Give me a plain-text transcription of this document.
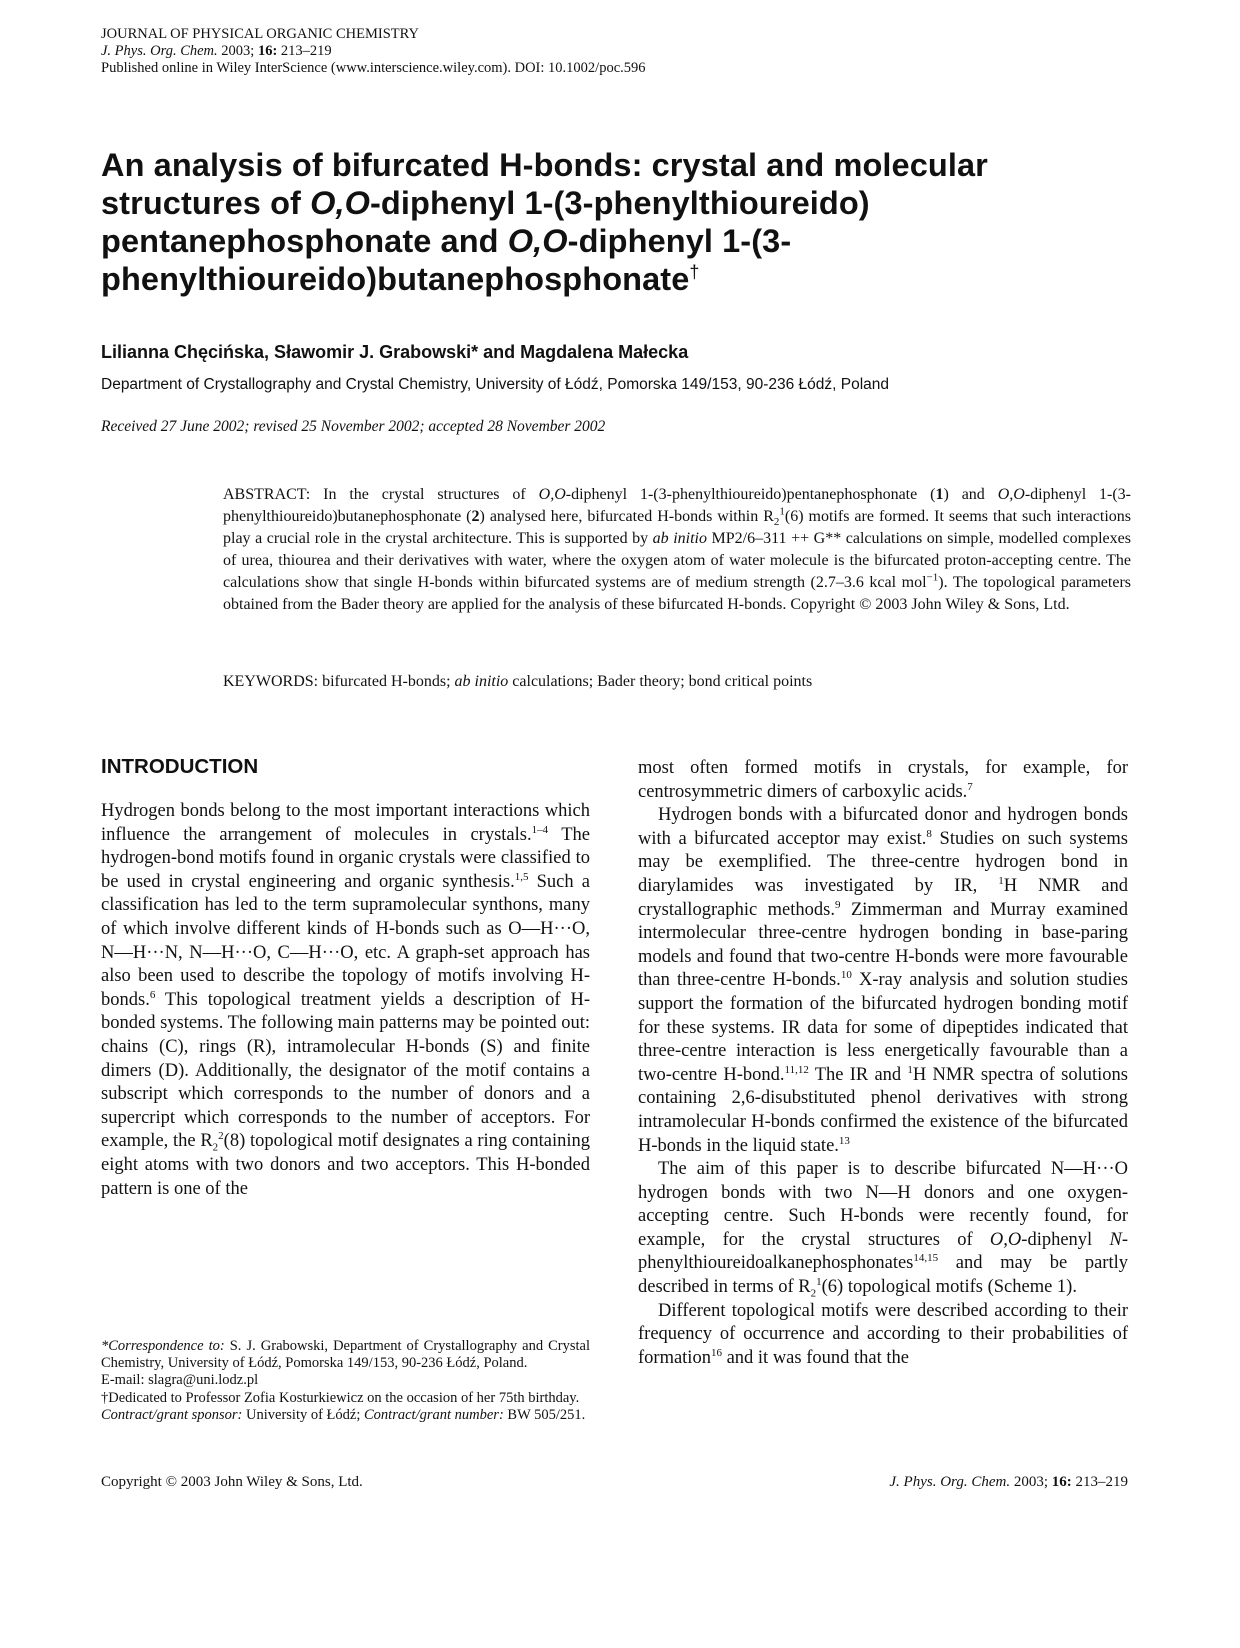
JOURNAL OF PHYSICAL ORGANIC CHEMISTRY
J. Phys. Org. Chem. 2003; 16: 213–219
Published online in Wiley InterScience (www.interscience.wiley.com). DOI: 10.1002/poc.596
An analysis of bifurcated H-bonds: crystal and molecular structures of O,O-diphenyl 1-(3-phenylthioureido) pentanephosphonate and O,O-diphenyl 1-(3-phenylthioureido)butanephosphonate†
Lilianna Chęcińska, Sławomir J. Grabowski* and Magdalena Małecka
Department of Crystallography and Crystal Chemistry, University of Łódź, Pomorska 149/153, 90-236 Łódź, Poland
Received 27 June 2002; revised 25 November 2002; accepted 28 November 2002

ABSTRACT: In the crystal structures of O,O-diphenyl 1-(3-phenylthioureido)pentanephosphonate (1) and O,O-diphenyl 1-(3-phenylthioureido)butanephosphonate (2) analysed here, bifurcated H-bonds within $R_2^1(6)$ motifs are formed. It seems that such interactions play a crucial role in the crystal architecture. This is supported by ab initio MP2/6–311 ++ G** calculations on simple, modelled complexes of urea, thiourea and their derivatives with water, where the oxygen atom of water molecule is the bifurcated proton-accepting centre. The calculations show that single H-bonds within bifurcated systems are of medium strength (2.7–3.6 kcal mol$^{-1}$). The topological parameters obtained from the Bader theory are applied for the analysis of these bifurcated H-bonds. Copyright © 2003 John Wiley & Sons, Ltd.

KEYWORDS: bifurcated H-bonds; ab initio calculations; Bader theory; bond critical points
INTRODUCTION

Hydrogen bonds belong to the most important interactions which influence the arrangement of molecules in crystals.$^{1-4}$ The hydrogen-bond motifs found in organic crystals were classified to be used in crystal engineering and organic synthesis.$^{1,5}$ Such a classification has led to the term supramolecular synthons, many of which involve different kinds of H-bonds such as O—H···O, N—H···N, N—H···O, C—H···O, etc. A graph-set approach has also been used to describe the topology of motifs involving H-bonds.$^6$ This topological treatment yields a description of H-bonded systems. The following main patterns may be pointed out: chains (C), rings (R), intramolecular H-bonds (S) and finite dimers (D). Additionally, the designator of the motif contains a subscript which corresponds to the number of donors and a supercript which corresponds to the number of acceptors. For example, the $R_2^2(8)$ topological motif designates a ring containing eight atoms with two donors and two acceptors. This H-bonded pattern is one of the

most often formed motifs in crystals, for example, for centrosymmetric dimers of carboxylic acids.$^7$

Hydrogen bonds with a bifurcated donor and hydrogen bonds with a bifurcated acceptor may exist.$^8$ Studies on such systems may be exemplified. The three-centre hydrogen bond in diarylamides was investigated by IR, $^1$H NMR and crystallographic methods.$^9$ Zimmerman and Murray examined intermolecular three-centre hydrogen bonding in base-paring models and found that two-centre H-bonds were more favourable than three-centre H-bonds.$^{10}$ X-ray analysis and solution studies support the formation of the bifurcated hydrogen bonding motif for these systems. IR data for some of dipeptides indicated that three-centre interaction is less energetically favourable than a two-centre H-bond.$^{11,12}$ The IR and $^1$H NMR spectra of solutions containing 2,6-disubstituted phenol derivatives with strong intramolecular H-bonds confirmed the existence of the bifurcated H-bonds in the liquid state.$^{13}$

The aim of this paper is to describe bifurcated N—H···O hydrogen bonds with two N—H donors and one oxygen-accepting centre. Such H-bonds were recently found, for example, for the crystal structures of O,O-diphenyl N-phenylthioureidoalkanephosphonates$^{14,15}$ and may be partly described in terms of $R_2^1(6)$ topological motifs (Scheme 1).

Different topological motifs were described according to their frequency of occurrence and according to their probabilities of formation$^{16}$ and it was found that the

*Correspondence to: S. J. Grabowski, Department of Crystallography and Crystal Chemistry, University of Łódź, Pomorska 149/153, 90-236 Łódź, Poland.

E-mail: slagra@uni.lodz.pl

†Dedicated to Professor Zofia Kosturkiewicz on the occasion of her 75th birthday.

Contract/grant sponsor: University of Łódź; Contract/grant number: BW 505/251.

Copyright © 2003 John Wiley & Sons, Ltd.	J. Phys. Org. Chem. 2003; 16: 213–219
